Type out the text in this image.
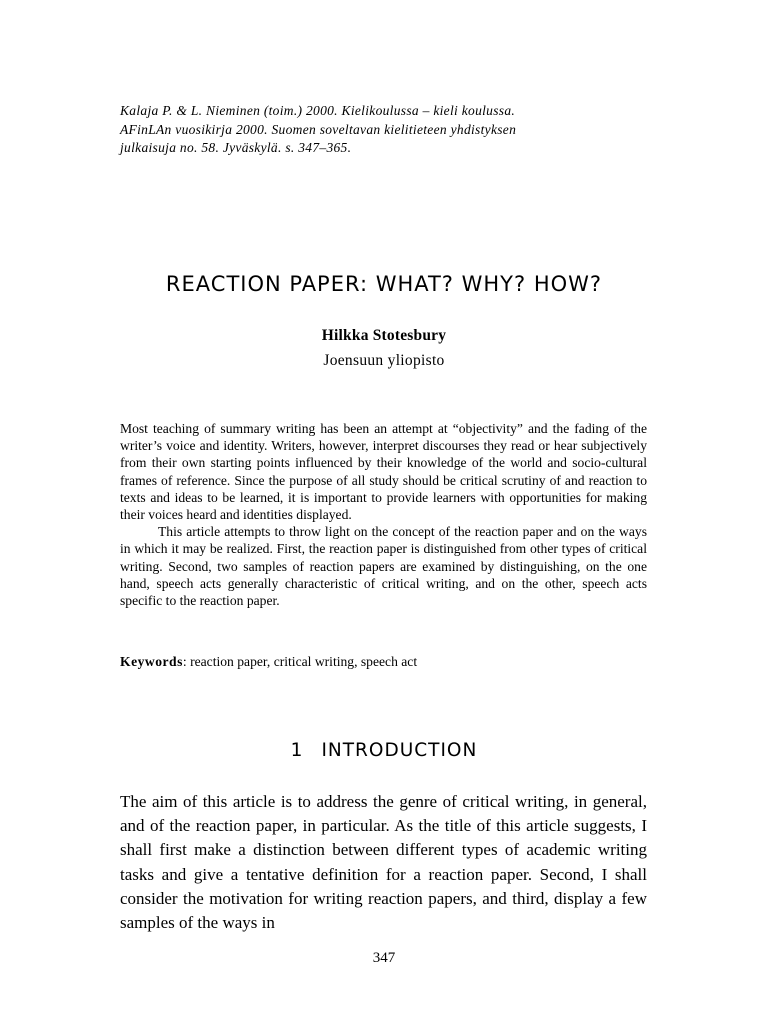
Kalaja P. & L. Nieminen (toim.) 2000. Kielikoulussa – kieli koulussa.
AFinLAn vuosikirja 2000. Suomen soveltavan kielitieteen yhdistyksen
julkaisuja no. 58. Jyväskylä. s. 347–365.
REACTION PAPER: WHAT? WHY? HOW?
Hilkka Stotesbury
Joensuun yliopisto

Most teaching of summary writing has been an attempt at “objectivity” and the fading of the writer’s voice and identity. Writers, however, interpret discourses they read or hear subjectively from their own starting points influenced by their knowledge of the world and socio-cultural frames of reference. Since the purpose of all study should be critical scrutiny of and reaction to texts and ideas to be learned, it is important to provide learners with opportunities for making their voices heard and identities displayed.

This article attempts to throw light on the concept of the reaction paper and on the ways in which it may be realized. First, the reaction paper is distinguished from other types of critical writing. Second, two samples of reaction papers are examined by distinguishing, on the one hand, speech acts generally characteristic of critical writing, and on the other, speech acts specific to the reaction paper.

Keywords: reaction paper, critical writing, speech act
1 INTRODUCTION

The aim of this article is to address the genre of critical writing, in general, and of the reaction paper, in particular. As the title of this article suggests, I shall first make a distinction between different types of academic writing tasks and give a tentative definition for a reaction paper. Second, I shall consider the motivation for writing reaction papers, and third, display a few samples of the ways in

347
